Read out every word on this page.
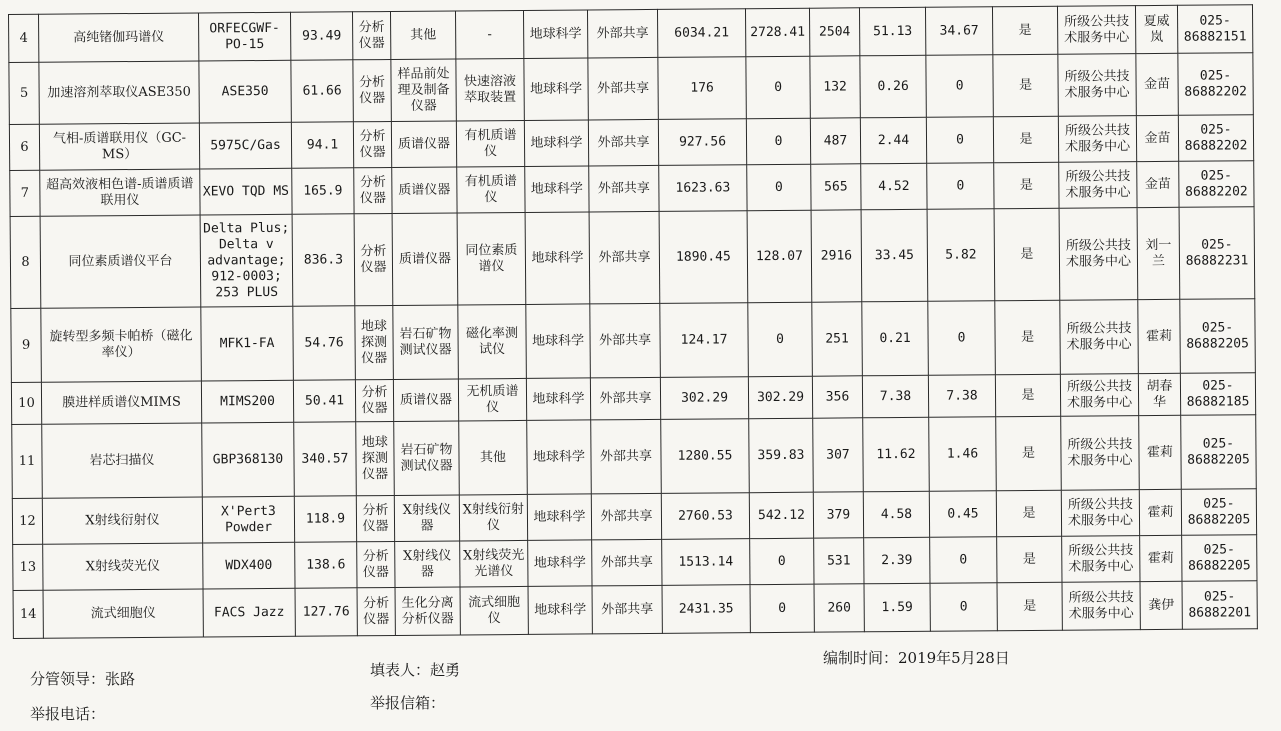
4	高纯锗伽玛谱仪	ORFECGWF-PO-15	93.49	分析仪器	其他	-	地球科学	外部共享	6034.21	2728.41	2504	51.13	34.67	是	所级公共技术服务中心	夏威岚	025-86882151
5	加速溶剂萃取仪ASE350	ASE350	61.66	分析仪器	样品前处理及制备仪器	快速溶液萃取装置	地球科学	外部共享	176	0	132	0.26	0	是	所级公共技术服务中心	金苗	025-86882202
6	气相-质谱联用仪（GC-MS）	5975C/Gas	94.1	分析仪器	质谱仪器	有机质谱仪	地球科学	外部共享	927.56	0	487	2.44	0	是	所级公共技术服务中心	金苗	025-86882202
7	超高效液相色谱-质谱质谱联用仪	XEVO TQD MS	165.9	分析仪器	质谱仪器	有机质谱仪	地球科学	外部共享	1623.63	0	565	4.52	0	是	所级公共技术服务中心	金苗	025-86882202
8	同位素质谱仪平台	Delta Plus; Delta v advantage; 912-0003; 253 PLUS	836.3	分析仪器	质谱仪器	同位素质谱仪	地球科学	外部共享	1890.45	128.07	2916	33.45	5.82	是	所级公共技术服务中心	刘一兰	025-86882231
9	旋转型多频卡帕桥（磁化率仪）	MFK1-FA	54.76	地球探测仪器	岩石矿物测试仪器	磁化率测试仪	地球科学	外部共享	124.17	0	251	0.21	0	是	所级公共技术服务中心	霍莉	025-86882205
10	膜进样质谱仪MIMS	MIMS200	50.41	分析仪器	质谱仪器	无机质谱仪	地球科学	外部共享	302.29	302.29	356	7.38	7.38	是	所级公共技术服务中心	胡春华	025-86882185
11	岩芯扫描仪	GBP368130	340.57	地球探测仪器	岩石矿物测试仪器	其他	地球科学	外部共享	1280.55	359.83	307	11.62	1.46	是	所级公共技术服务中心	霍莉	025-86882205
12	X射线衍射仪	X'Pert3 Powder	118.9	分析仪器	X射线仪器	X射线衍射仪	地球科学	外部共享	2760.53	542.12	379	4.58	0.45	是	所级公共技术服务中心	霍莉	025-86882205
13	X射线荧光仪	WDX400	138.6	分析仪器	X射线仪器	X射线荧光光谱仪	地球科学	外部共享	1513.14	0	531	2.39	0	是	所级公共技术服务中心	霍莉	025-86882205
14	流式细胞仪	FACS Jazz	127.76	分析仪器	生化分离分析仪器	流式细胞仪	地球科学	外部共享	2431.35	0	260	1.59	0	是	所级公共技术服务中心	龚伊	025-86882201
分管领导：张路	填表人：赵勇
编制时间：2019年5月28日
举报电话：
举报信箱：
